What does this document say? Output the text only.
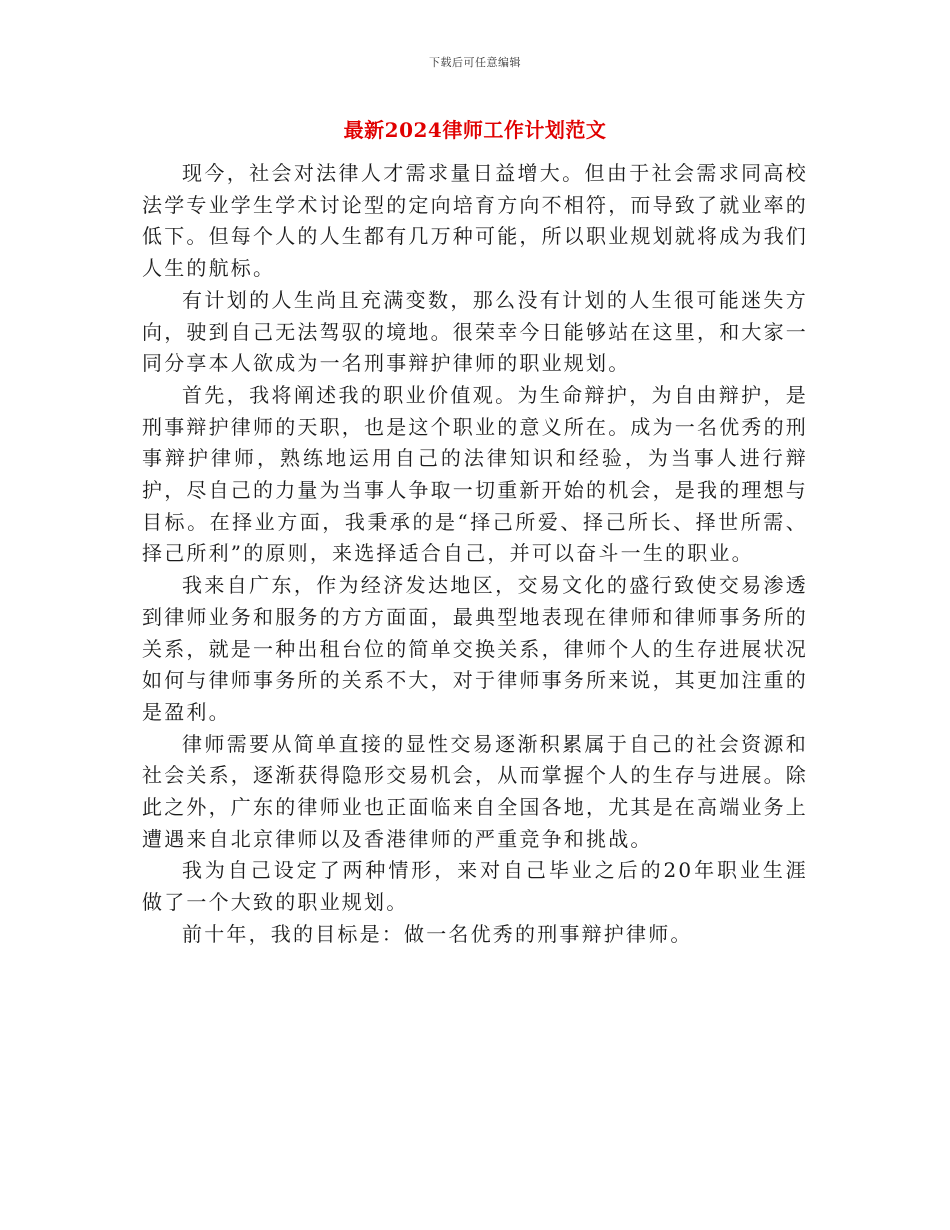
下载后可任意编辑
最新2024律师工作计划范文

现今，社会对法律人才需求量日益增大。但由于社会需求同高校法学专业学生学术讨论型的定向培育方向不相符，而导致了就业率的低下。但每个人的人生都有几万种可能，所以职业规划就将成为我们人生的航标。

有计划的人生尚且充满变数，那么没有计划的人生很可能迷失方向，驶到自己无法驾驭的境地。很荣幸今日能够站在这里，和大家一同分享本人欲成为一名刑事辩护律师的职业规划。

首先，我将阐述我的职业价值观。为生命辩护，为自由辩护，是刑事辩护律师的天职，也是这个职业的意义所在。成为一名优秀的刑事辩护律师，熟练地运用自己的法律知识和经验，为当事人进行辩护，尽自己的力量为当事人争取一切重新开始的机会，是我的理想与目标。在择业方面，我秉承的是“择己所爱、择己所长、择世所需、择己所利”的原则，来选择适合自己，并可以奋斗一生的职业。

我来自广东，作为经济发达地区，交易文化的盛行致使交易渗透到律师业务和服务的方方面面，最典型地表现在律师和律师事务所的关系，就是一种出租台位的简单交换关系，律师个人的生存进展状况如何与律师事务所的关系不大，对于律师事务所来说，其更加注重的是盈利。

律师需要从简单直接的显性交易逐渐积累属于自己的社会资源和社会关系，逐渐获得隐形交易机会，从而掌握个人的生存与进展。除此之外，广东的律师业也正面临来自全国各地，尤其是在高端业务上遭遇来自北京律师以及香港律师的严重竞争和挑战。

我为自己设定了两种情形，来对自己毕业之后的20年职业生涯做了一个大致的职业规划。

前十年，我的目标是：做一名优秀的刑事辩护律师。
